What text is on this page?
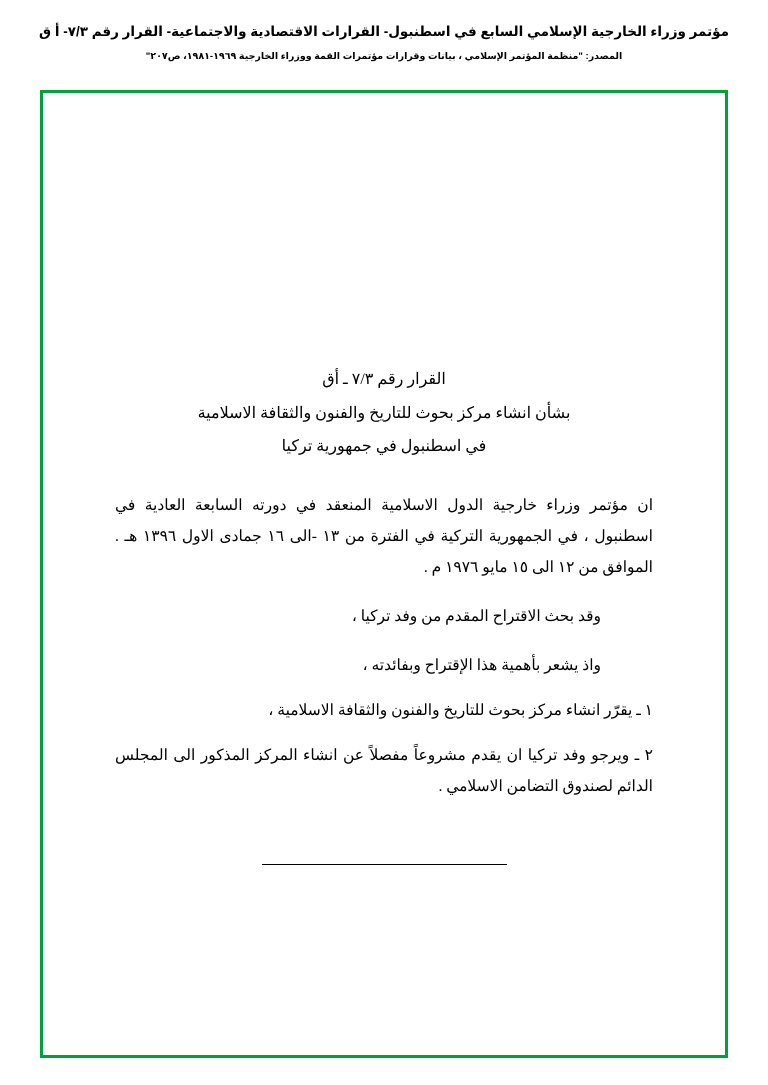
مؤتمر وزراء الخارجية الإسلامي السابع في اسطنبول- القرارات الاقتصادية والاجتماعية- القرار رقم ٧/٣- أ ق
المصدر: "منظمة المؤتمر الإسلامي ، بيانات وقرارات مؤتمرات القمة ووزراء الخارجية ١٩٦٩-١٩٨١، ص٢٠٧"
القرار رقم ٧/٣ ـ أق
بشأن انشاء مركز بحوث للتاريخ والفنون والثقافة الاسلامية
في اسطنبول في جمهورية تركيا
ان مؤتمر وزراء خارجية الدول الاسلامية المنعقد في دورته السابعة العادية في اسطنبول ، في الجمهورية التركية في الفترة من ١٣ -الى ١٦ جمادى الاول ١٣٩٦ هـ . الموافق من ١٢ الى ١٥ مايو ١٩٧٦ م .
وقد بحث الاقتراح المقدم من وفد تركيا ،
واذ يشعر بأهمية هذا الإقتراح وبفائدته ،
١ ـ يقرّر انشاء مركز بحوث للتاريخ والفنون والثقافة الاسلامية ،
٢ ـ ويرجو وفد تركيا ان يقدم مشروعاً مفصلاً عن انشاء المركز المذكور الى المجلس الدائم لصندوق التضامن الاسلامي .
